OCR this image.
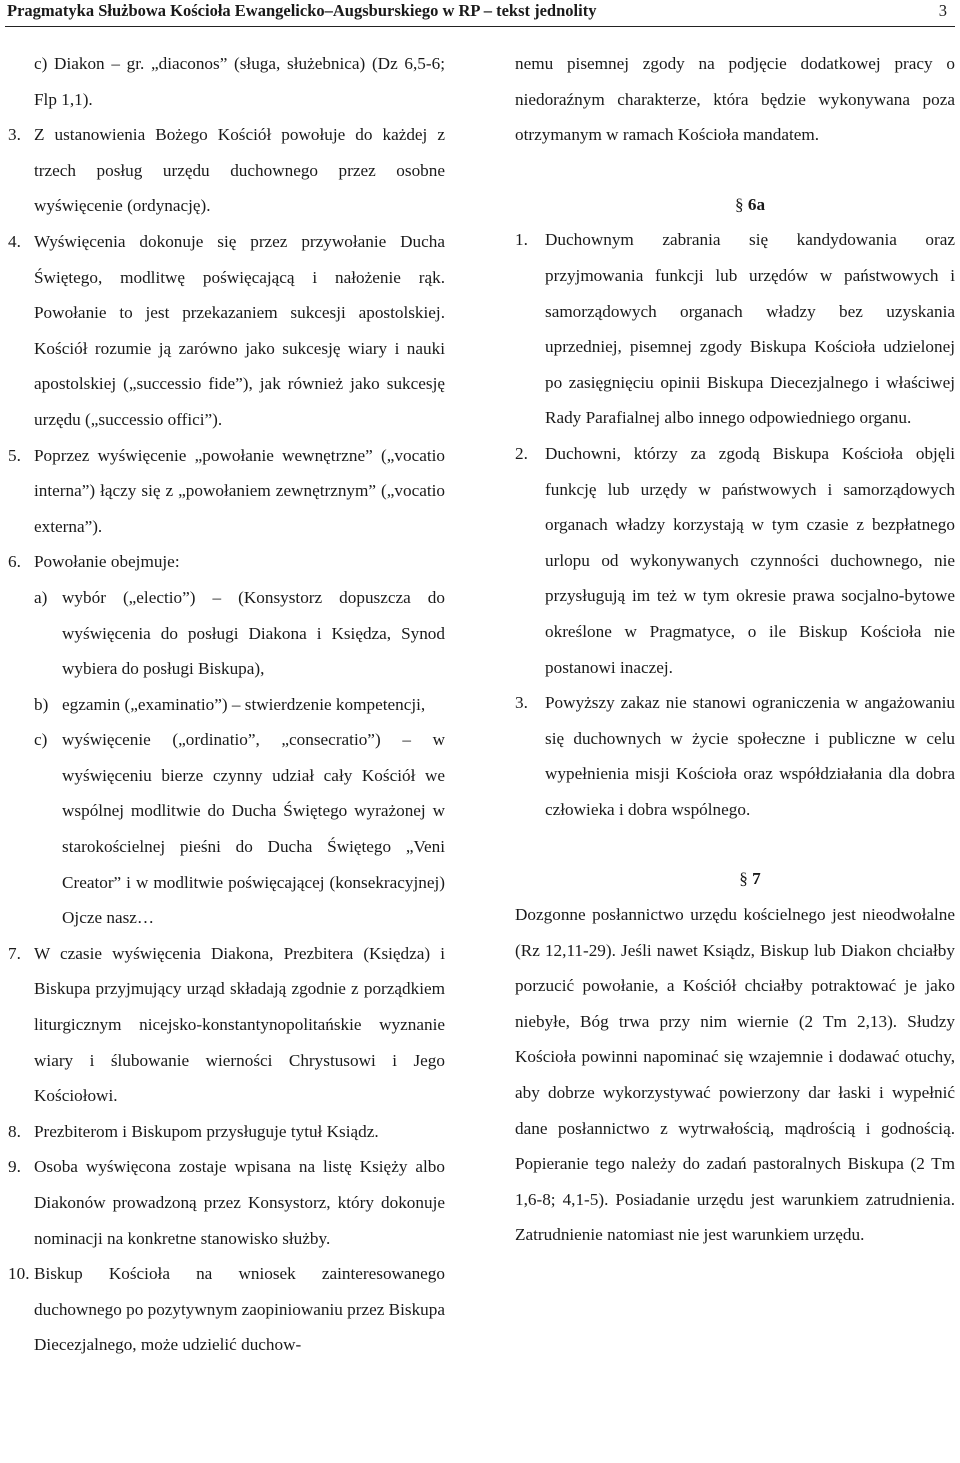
Pragmatyka Służbowa Kościoła Ewangelicko–Augsburskiego w RP – tekst jednolity	3
c) Diakon – gr. „diaconos” (sługa, służebnica) (Dz 6,5-6; Flp 1,1).
3. Z ustanowienia Bożego Kościół powołuje do każdej z trzech posług urzędu duchownego przez osobne wyświęcenie (ordynację).
4. Wyświęcenia dokonuje się przez przywołanie Ducha Świętego, modlitwę poświęcającą i nałożenie rąk. Powołanie to jest przekazaniem sukcesji apostolskiej. Kościół rozumie ją zarówno jako sukcesję wiary i nauki apostolskiej („successio fide”), jak również jako sukcesję urzędu („successio offici”).
5. Poprzez wyświęcenie „powołanie wewnętrzne” („vocatio interna”) łączy się z „powołaniem zewnętrznym” („vocatio externa”).
6. Powołanie obejmuje:
a) wybór („electio”) – (Konsystorz dopuszcza do wyświęcenia do posługi Diakona i Księdza, Synod wybiera do posługi Biskupa),
b) egzamin („examinatio”) – stwierdzenie kompetencji,
c) wyświęcenie („ordinatio”, „consecratio”) – w wyświęceniu bierze czynny udział cały Kościół we wspólnej modlitwie do Ducha Świętego wyrażonej w starokościelnej pieśni do Ducha Świętego „Veni Creator” i w modlitwie poświęcającej (konsekracyjnej) Ojcze nasz…
7. W czasie wyświęcenia Diakona, Prezbitera (Księdza) i Biskupa przyjmujący urząd składają zgodnie z porządkiem liturgicznym nicejsko-konstantynopolitańskie wyznanie wiary i ślubowanie wierności Chrystusowi i Jego Kościołowi.
8. Prezbiterom i Biskupom przysługuje tytuł Ksiądz.
9. Osoba wyświęcona zostaje wpisana na listę Księży albo Diakonów prowadzoną przez Konsystorz, który dokonuje nominacji na konkretne stanowisko służby.
10. Biskup Kościoła na wniosek zainteresowanego duchownego po pozytywnym zaopiniowaniu przez Biskupa Diecezjalnego, może udzielić duchow-

nemu pisemnej zgody na podjęcie dodatkowej pracy o niedoraźnym charakterze, która będzie wykonywana poza otrzymanym w ramach Kościoła mandatem.

§ 6a

1. Duchownym zabrania się kandydowania oraz przyjmowania funkcji lub urzędów w państwowych i samorządowych organach władzy bez uzyskania uprzedniej, pisemnej zgody Biskupa Kościoła udzielonej po zasięgnięciu opinii Biskupa Diecezjalnego i właściwej Rady Parafialnej albo innego odpowiedniego organu.
2. Duchowni, którzy za zgodą Biskupa Kościoła objęli funkcję lub urzędy w państwowych i samorządowych organach władzy korzystają w tym czasie z bezpłatnego urlopu od wykonywanych czynności duchownego, nie przysługują im też w tym okresie prawa socjalno-bytowe określone w Pragmatyce, o ile Biskup Kościoła nie postanowi inaczej.
3. Powyższy zakaz nie stanowi ograniczenia w angażowaniu się duchownych w życie społeczne i publiczne w celu wypełnienia misji Kościoła oraz współdziałania dla dobra człowieka i dobra wspólnego.

§ 7

Dozgonne posłannictwo urzędu kościelnego jest nieodwołalne (Rz 12,11-29). Jeśli nawet Ksiądz, Biskup lub Diakon chciałby porzucić powołanie, a Kościół chciałby potraktować je jako niebyłe, Bóg trwa przy nim wiernie (2 Tm 2,13). Słudzy Kościoła powinni napominać się wzajemnie i dodawać otuchy, aby dobrze wykorzystywać powierzony dar łaski i wypełnić dane posłannictwo z wytrwałością, mądrością i godnością. Popieranie tego należy do zadań pastoralnych Biskupa (2 Tm 1,6-8; 4,1-5). Posiadanie urzędu jest warunkiem zatrudnienia. Zatrudnienie natomiast nie jest warunkiem urzędu.
